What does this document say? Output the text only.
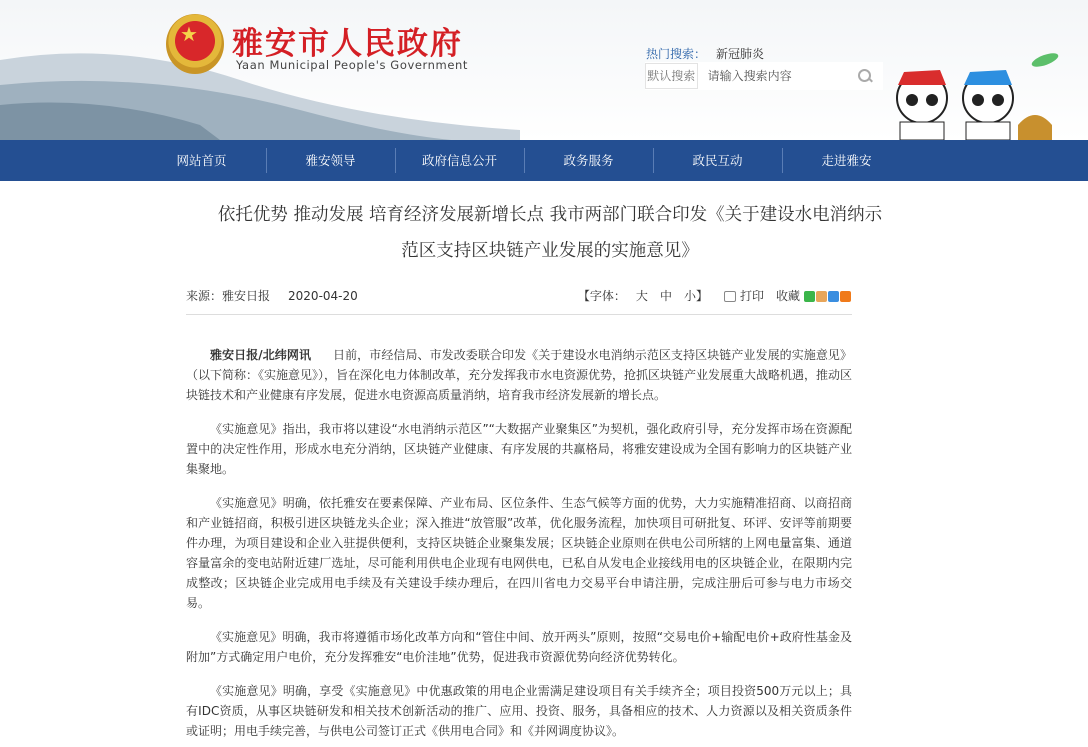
★ 雅安市人民政府
Yaan Municipal People's Government
热门搜索： 新冠肺炎
默认搜索
请输入搜索内容
网站首页	雅安领导	政府信息公开	政务服务	政民互动	走进雅安
依托优势 推动发展 培育经济发展新增长点 我市两部门联合印发《关于建设水电消纳示范区支持区块链产业发展的实施意见》
来源： 雅安日报 2020-04-20	【字体： 大 中 小】	打印 收藏

雅安日报/北纬网讯 日前，市经信局、市发改委联合印发《关于建设水电消纳示范区支持区块链产业发展的实施意见》（以下简称：《实施意见》），旨在深化电力体制改革，充分发挥我市水电资源优势，抢抓区块链产业发展重大战略机遇，推动区块链技术和产业健康有序发展，促进水电资源高质量消纳，培育我市经济发展新的增长点。

《实施意见》指出，我市将以建设“水电消纳示范区”“大数据产业聚集区”为契机，强化政府引导，充分发挥市场在资源配置中的决定性作用，形成水电充分消纳，区块链产业健康、有序发展的共赢格局，将雅安建设成为全国有影响力的区块链产业集聚地。

《实施意见》明确，依托雅安在要素保障、产业布局、区位条件、生态气候等方面的优势，大力实施精准招商、以商招商和产业链招商，积极引进区块链龙头企业；深入推进“放管服”改革，优化服务流程，加快项目可研批复、环评、安评等前期要件办理，为项目建设和企业入驻提供便利，支持区块链企业聚集发展；区块链企业原则在供电公司所辖的上网电量富集、通道容量富余的变电站附近建厂选址，尽可能利用供电企业现有电网供电，已私自从发电企业接线用电的区块链企业，在限期内完成整改；区块链企业完成用电手续及有关建设手续办理后，在四川省电力交易平台申请注册，完成注册后可参与电力市场交易。

《实施意见》明确，我市将遵循市场化改革方向和“管住中间、放开两头”原则，按照“交易电价+输配电价+政府性基金及附加”方式确定用户电价，充分发挥雅安“电价洼地”优势，促进我市资源优势向经济优势转化。

《实施意见》明确，享受《实施意见》中优惠政策的用电企业需满足建设项目有关手续齐全；项目投资500万元以上；具有IDC资质，从事区块链研发和相关技术创新活动的推广、应用、投资、服务，具备相应的技术、人力资源以及相关资质条件或证明；用电手续完善，与供电公司签订正式《供用电合同》和《并网调度协议》。
